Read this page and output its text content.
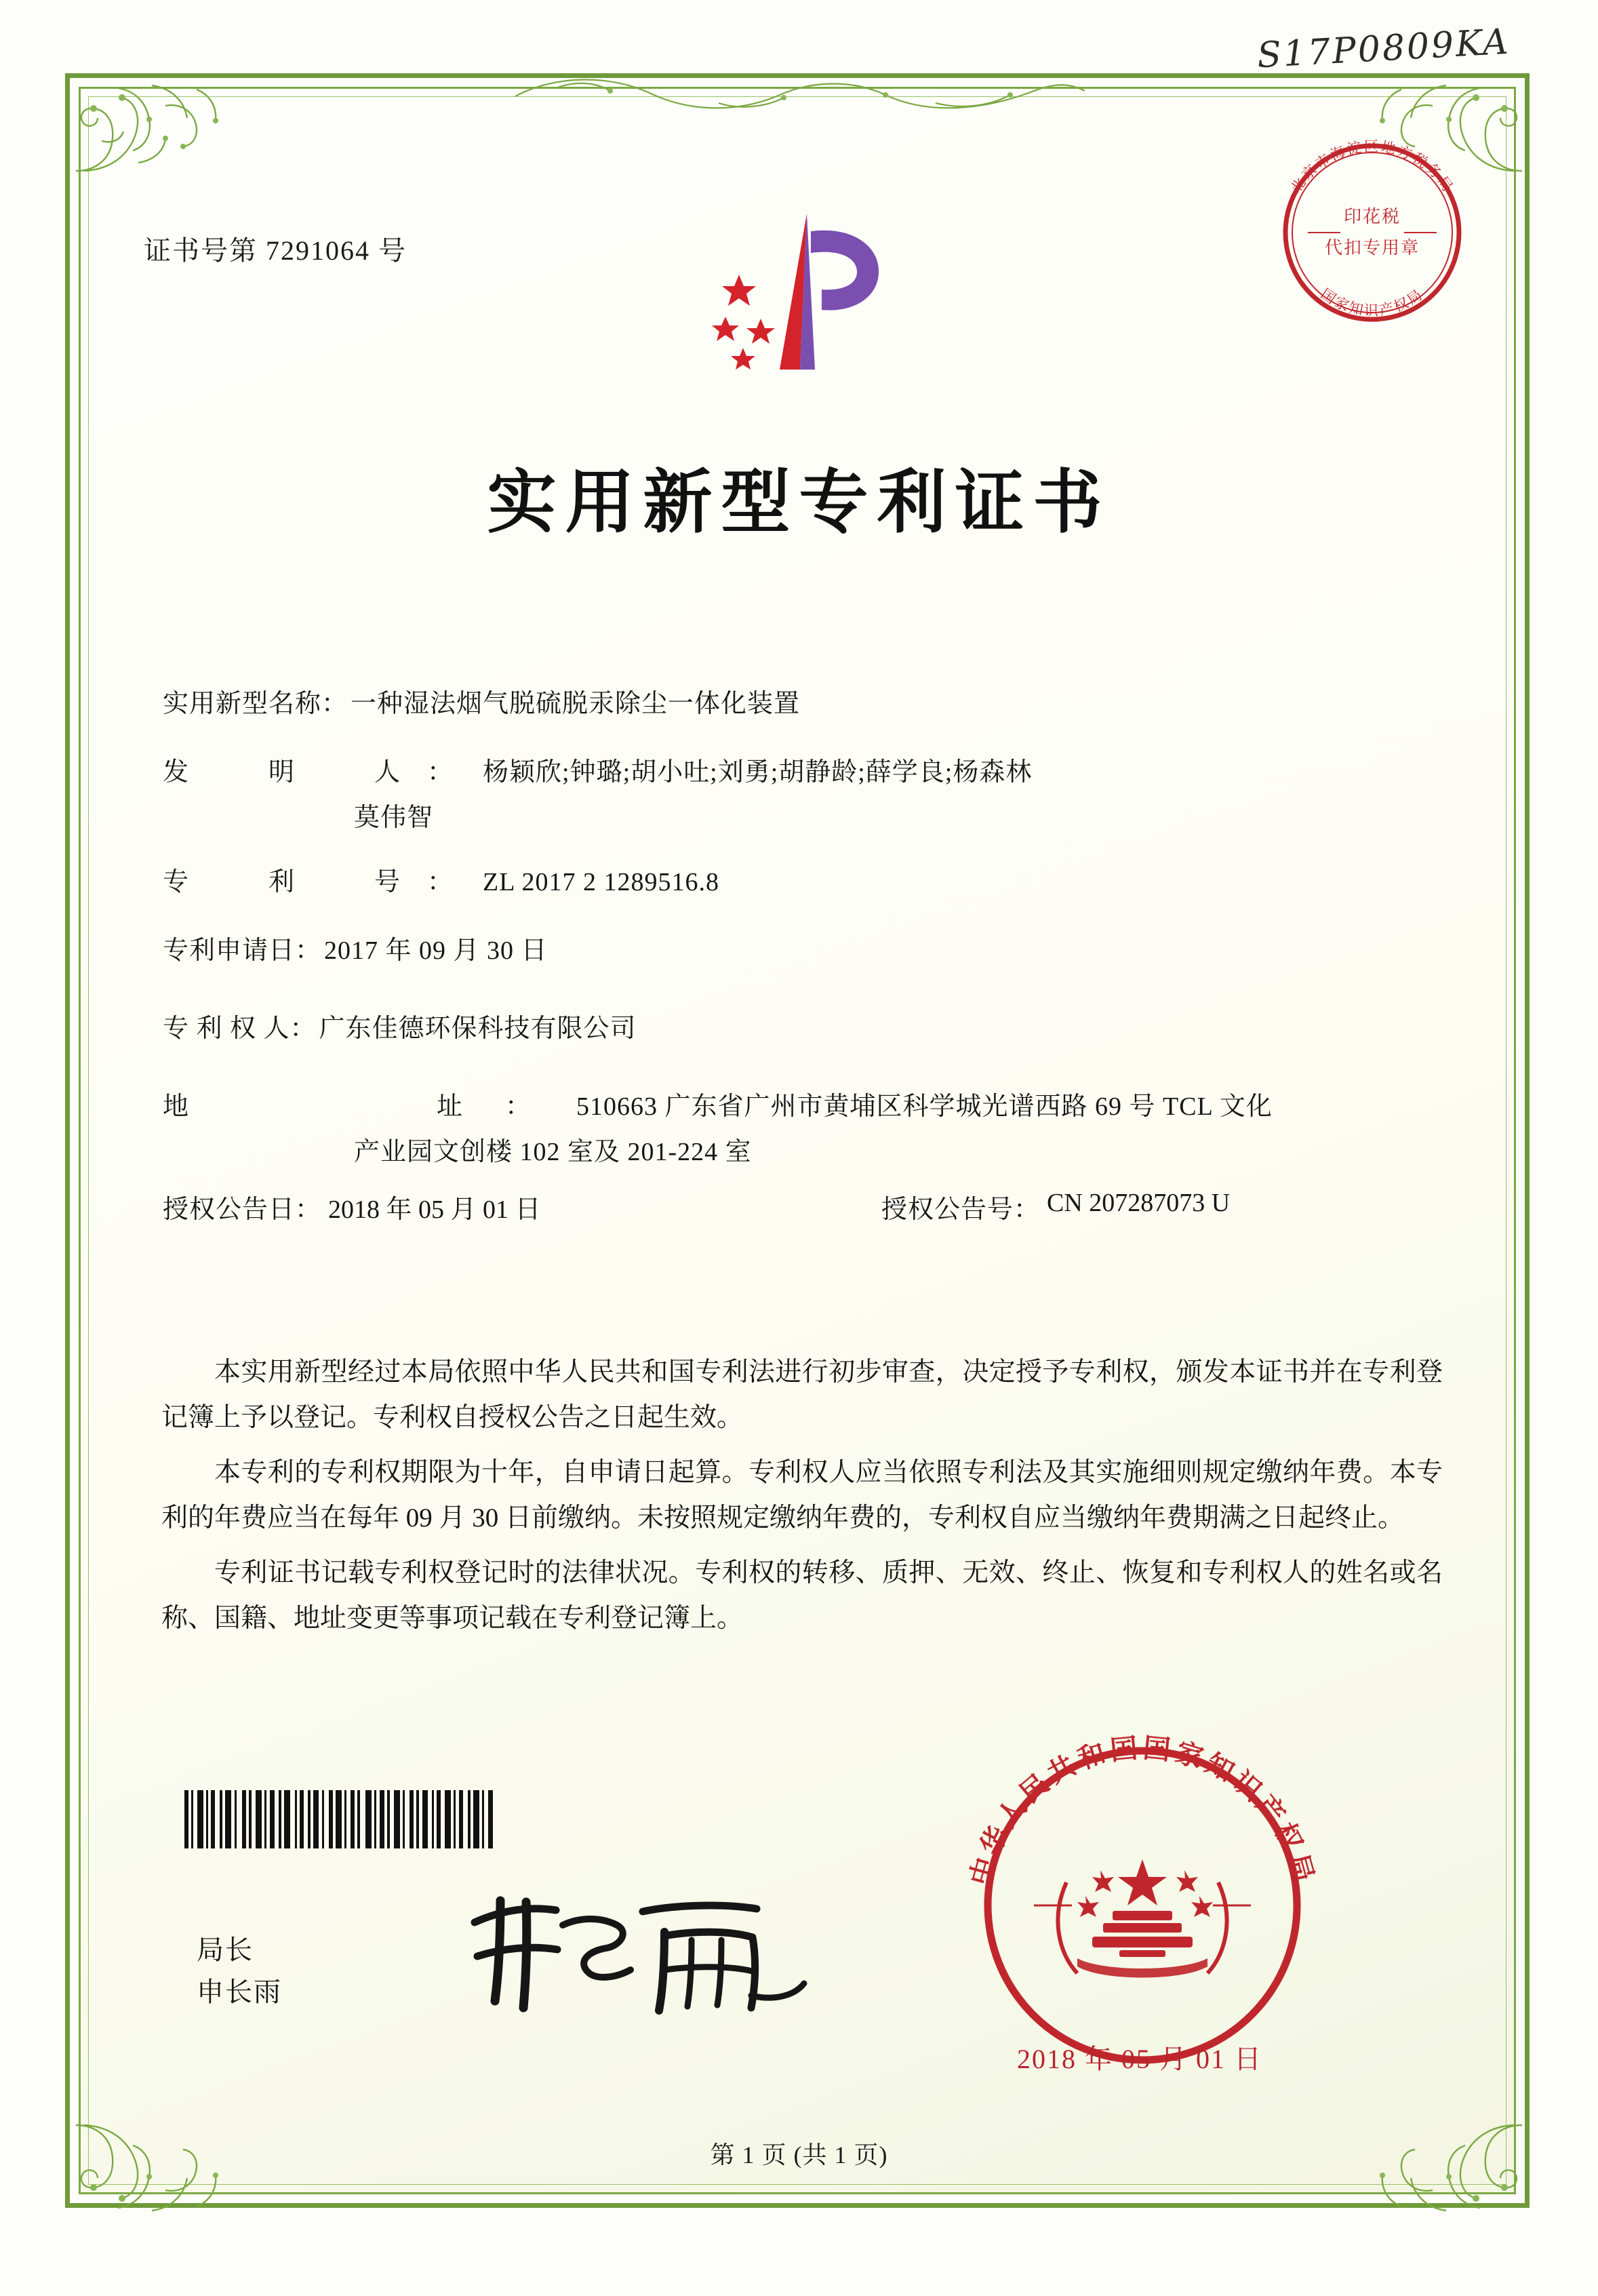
S17P0809KA
证书号第 7291064 号
北京市海淀区地方税务局
国家知识产权局
印花税
代扣专用章
实用新型专利证书
实用新型名称： 一种湿法烟气脱硫脱汞除尘一体化装置
发　明　人： 杨颖欣;钟璐;胡小吐;刘勇;胡静龄;薛学良;杨森林
莫伟智
专　利　号： ZL 2017 2 1289516.8
专利申请日： 2017 年 09 月 30 日
专 利 权 人： 广东佳德环保科技有限公司
地　　　址： 510663 广东省广州市黄埔区科学城光谱西路 69 号 TCL 文化
产业园文创楼 102 室及 201-224 室
授权公告日： 2018 年 05 月 01 日	授权公告号： CN 207287073 U

本实用新型经过本局依照中华人民共和国专利法进行初步审查，决定授予专利权，颁发本证书并在专利登记簿上予以登记。专利权自授权公告之日起生效。

本专利的专利权期限为十年，自申请日起算。专利权人应当依照专利法及其实施细则规定缴纳年费。本专利的年费应当在每年 09 月 30 日前缴纳。未按照规定缴纳年费的，专利权自应当缴纳年费期满之日起终止。

专利证书记载专利权登记时的法律状况。专利权的转移、质押、无效、终止、恢复和专利权人的姓名或名称、国籍、地址变更等事项记载在专利登记簿上。

局长
申长雨
中华人民共和国国家知识产权局
2018 年 05 月 01 日
第 1 页 (共 1 页)
